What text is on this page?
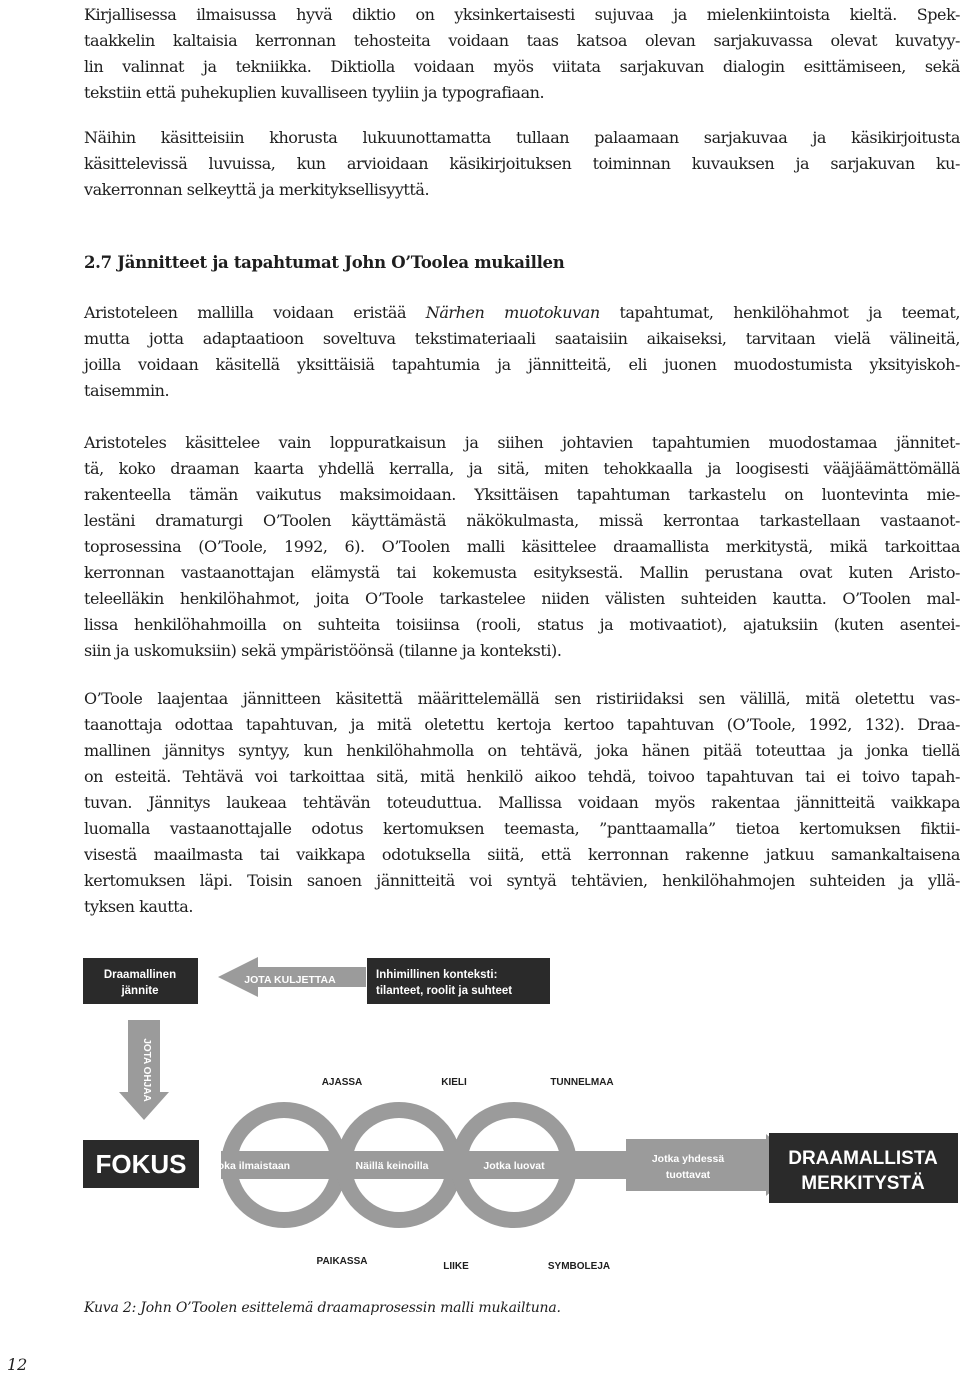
Kirjallisessa ilmaisussa hyvä diktio on yksinkertaisesti sujuvaa ja mielenkiintoista kieltä. Spek-
taakkelin kaltaisia kerronnan tehosteita voidaan taas katsoa olevan sarjakuvassa olevat kuvatyy-
lin valinnat ja tekniikka. Diktiolla voidaan myös viitata sarjakuvan dialogin esittämiseen, sekä
tekstiin että puhekuplien kuvalliseen tyyliin ja typografiaan.
Näihin käsitteisiin khorusta lukuunottamatta tullaan palaamaan sarjakuvaa ja käsikirjoitusta
käsittelevissä luvuissa, kun arvioidaan käsikirjoituksen toiminnan kuvauksen ja sarjakuvan ku-
vakerronnan selkeyttä ja merkityksellisyyttä.
2.7 Jännitteet ja tapahtumat John O’Toolea mukaillen
Aristoteleen mallilla voidaan eristää Närhen muotokuvan tapahtumat, henkilöhahmot ja teemat,
mutta jotta adaptaatioon soveltuva tekstimateriaali saataisiin aikaiseksi, tarvitaan vielä välineitä,
joilla voidaan käsitellä yksittäisiä tapahtumia ja jännitteitä, eli juonen muodostumista yksityiskoh-
taisemmin.
Aristoteles käsittelee vain loppuratkaisun ja siihen johtavien tapahtumien muodostamaa jännitet-
tä, koko draaman kaarta yhdellä kerralla, ja sitä, miten tehokkaalla ja loogisesti vääjäämättömällä
rakenteella tämän vaikutus maksimoidaan. Yksittäisen tapahtuman tarkastelu on luontevinta mie-
lestäni dramaturgi O’Toolen käyttämästä näkökulmasta, missä kerrontaa tarkastellaan vastaanot-
toprosessina (O’Toole, 1992, 6). O’Toolen malli käsittelee draamallista merkitystä, mikä tarkoittaa
kerronnan vastaanottajan elämystä tai kokemusta esityksestä. Mallin perustana ovat kuten Aristo-
teleelläkin henkilöhahmot, joita O’Toole tarkastelee niiden välisten suhteiden kautta. O’Toolen mal-
lissa henkilöhahmoilla on suhteita toisiinsa (rooli, status ja motivaatiot), ajatuksiin (kuten asentei-
siin ja uskomuksiin) sekä ympäristöönsä (tilanne ja konteksti).
O’Toole laajentaa jännitteen käsitettä määrittelemällä sen ristiriidaksi sen välillä, mitä oletettu vas-
taanottaja odottaa tapahtuvan, ja mitä oletettu kertoja kertoo tapahtuvan (O’Toole, 1992, 132). Draa-
mallinen jännitys syntyy, kun henkilöhahmolla on tehtävä, joka hänen pitää toteuttaa ja jonka tiellä
on esteitä. Tehtävä voi tarkoittaa sitä, mitä henkilö aikoo tehdä, toivoo tapahtuvan tai ei toivo tapah-
tuvan. Jännitys laukeaa tehtävän toteuduttua. Mallissa voidaan myös rakentaa jännitteitä vaikkapa
luomalla vastaanottajalle odotus kertomuksen teemasta, ”panttaamalla” tietoa kertomuksen fiktii-
visestä maailmasta tai vaikkapa odotuksella siitä, että kerronnan rakenne jatkuu samankaltaisena
kertomuksen läpi. Toisin sanoen jännitteitä voi syntyä tehtävien, henkilöhahmojen suhteiden ja yllä-
tyksen kautta.
JOTA KULJETTAA
Draamallinen
jännite
Inhimillinen konteksti:
tilanteet, roolit ja suhteet
JOTA OHJAA	AJASSA	KIELI	TUNNELMAA
Joka ilmaistaan	Näillä keinoilla	Jotka luovat
Jotka yhdessä
tuottavat
FOKUS	DRAAMALLISTA
MERKITYSTÄ
PAIKASSA	LIIKE	SYMBOLEJA

Kuva 2: John O’Toolen esittelemä draamaprosessin malli mukailtuna.

12
